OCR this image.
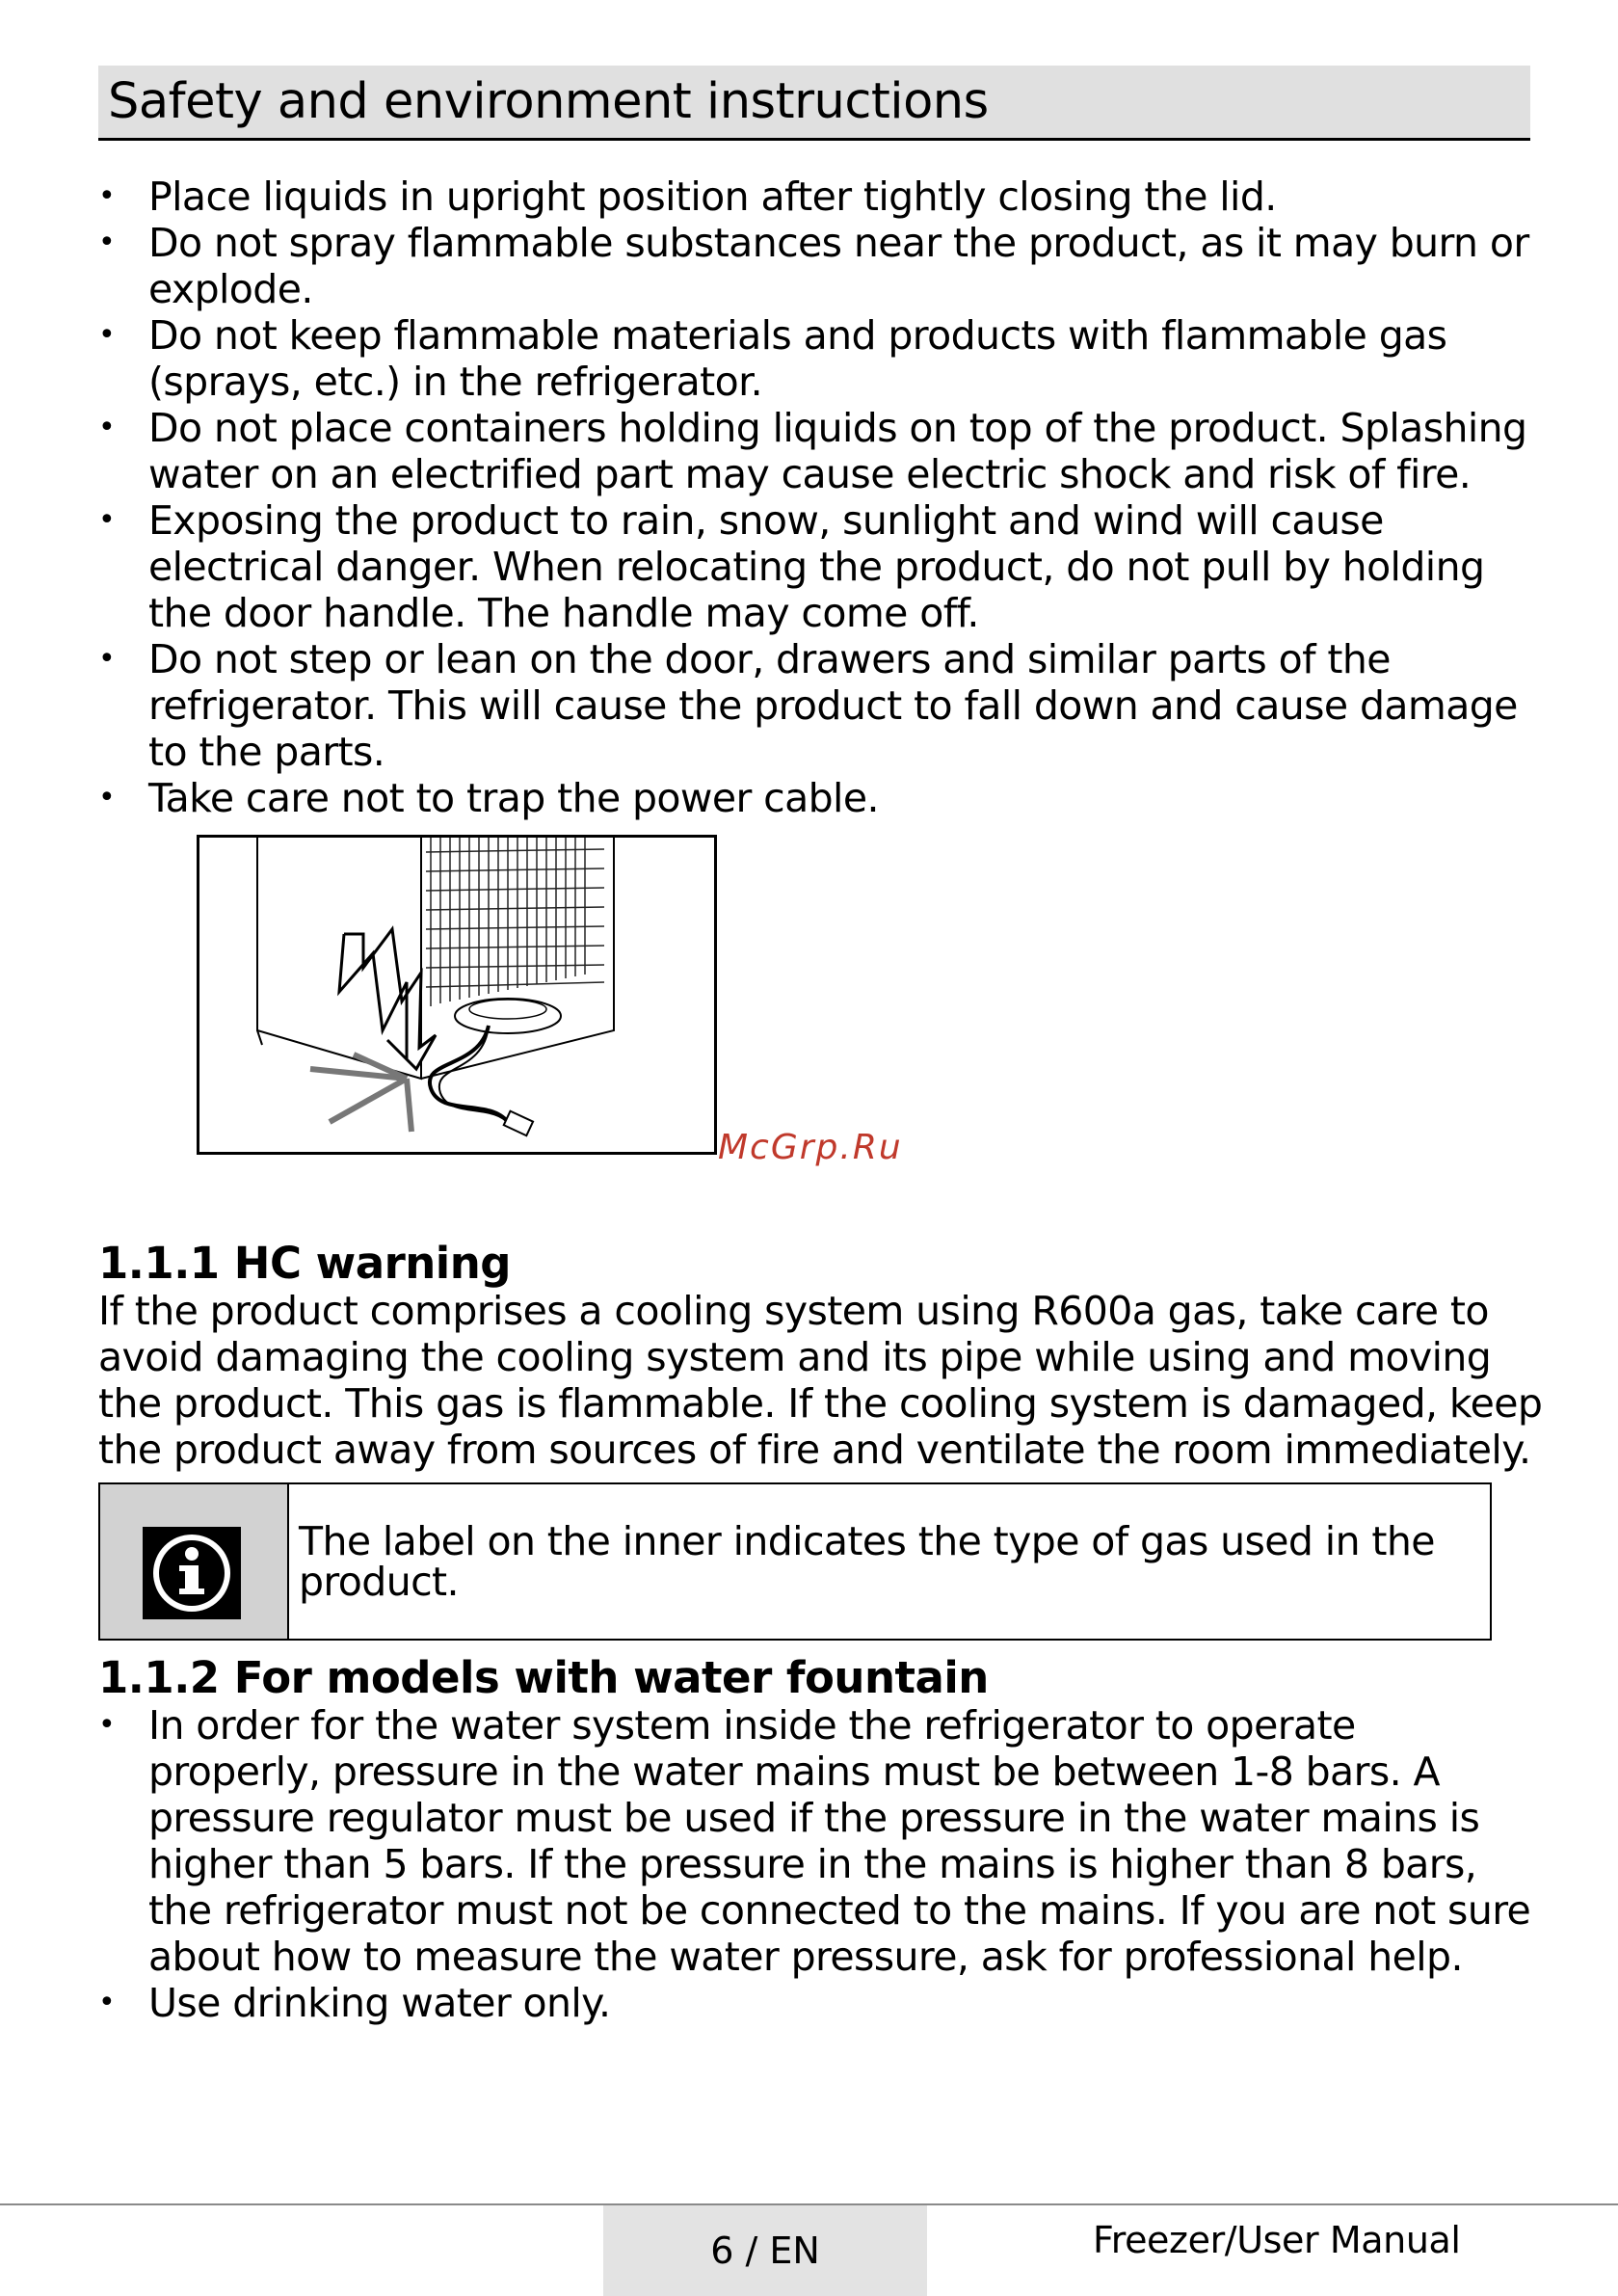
Safety and environment instructions
• Place liquids in upright position after tightly closing the lid.
• Do not spray flammable substances near the product, as it may burn or explode.
• Do not keep flammable materials and products with flammable gas (sprays, etc.) in the refrigerator.
• Do not place containers holding liquids on top of the product. Splashing water on an electrified part may cause electric shock and risk of fire.
• Exposing the product to rain, snow, sunlight and wind will cause electrical danger. When relocating the product, do not pull by holding the door handle. The handle may come off.
• Do not step or lean on the door, drawers and similar parts of the refrigerator. This will cause the product to fall down and cause damage to the parts.
• Take care not to trap the power cable.
McGrp.Ru
1.1.1 HC warning

If the product comprises a cooling system using R600a gas, take care to avoid damaging the cooling system and its pipe while using and moving the product. This gas is flammable. If the cooling system is damaged, keep the product away from sources of fire and ventilate the room immediately.

The label on the inner indicates the type of gas used in the product.
1.1.2 For models with water fountain
• In order for the water system inside the refrigerator to operate properly, pressure in the water mains must be between 1-8 bars. A pressure regulator must be used if the pressure in the water mains is higher than 5 bars. If the pressure in the mains is higher than 8 bars, the refrigerator must not be connected to the mains. If you are not sure about how to measure the water pressure, ask for professional help.
• Use drinking water only.
6 / EN	Freezer/User Manual
